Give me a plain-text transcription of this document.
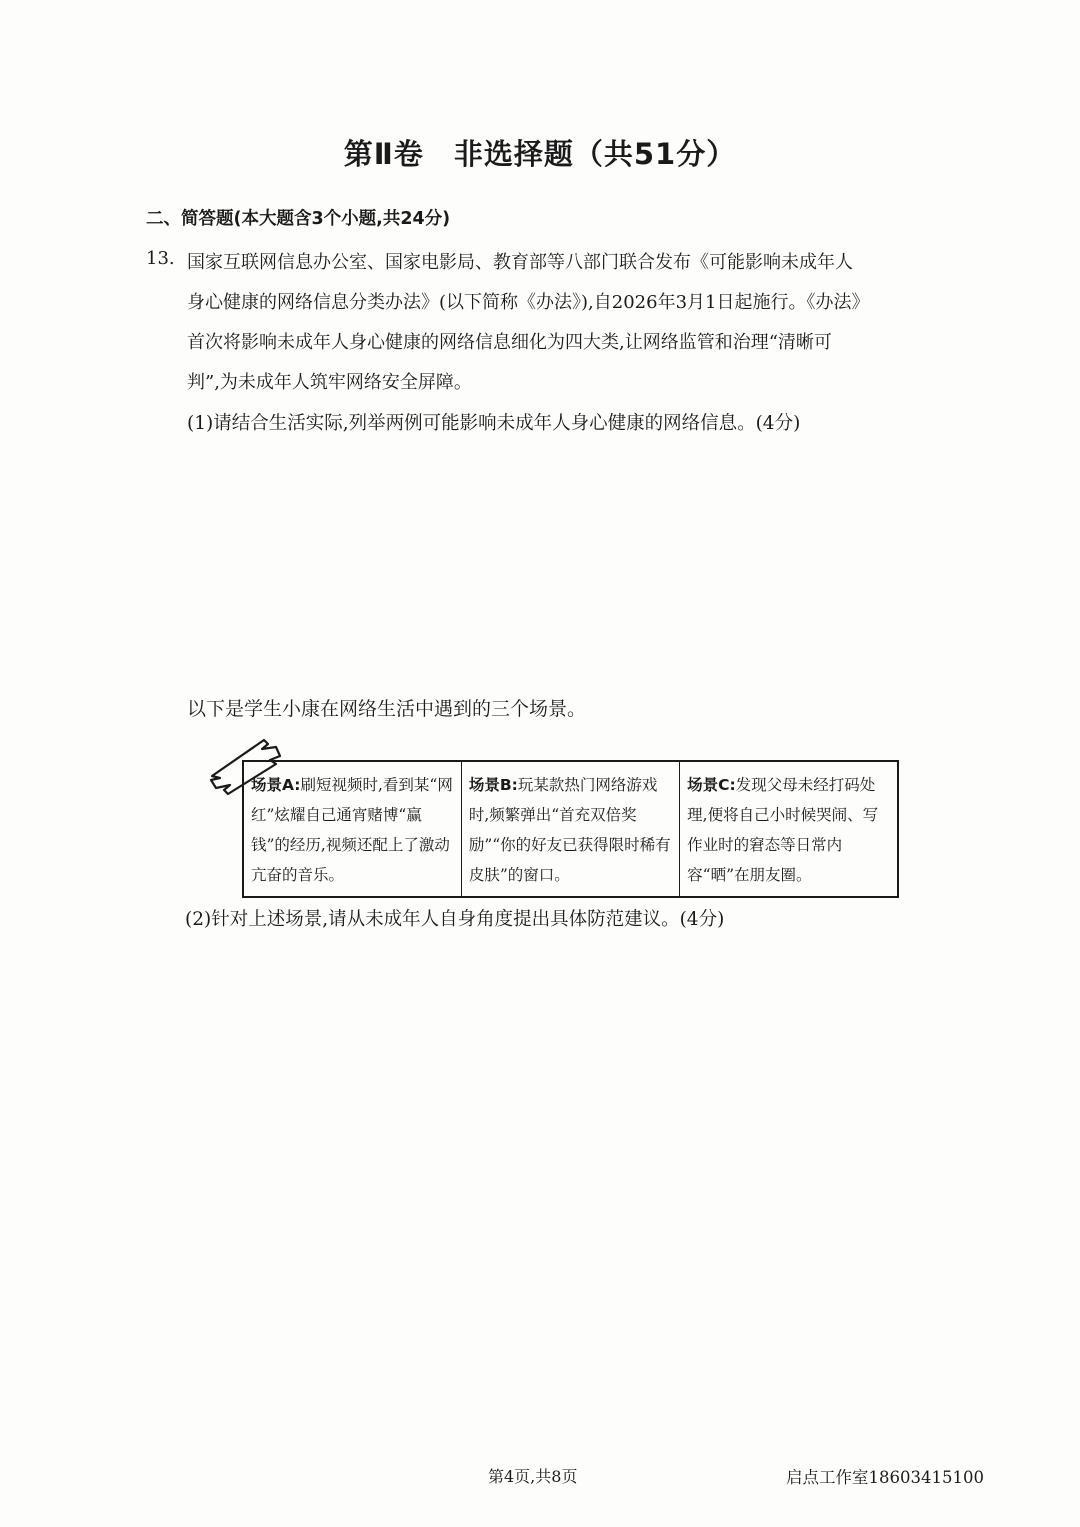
第Ⅱ卷　非选择题（共51分）
二、简答题(本大题含3个小题,共24分)
13. 国家互联网信息办公室、国家电影局、教育部等八部门联合发布《可能影响未成年人
身心健康的网络信息分类办法》(以下简称《办法》),自2026年3月1日起施行。《办法》
首次将影响未成年人身心健康的网络信息细化为四大类,让网络监管和治理“清晰可
判”,为未成年人筑牢网络安全屏障。
(1)请结合生活实际,列举两例可能影响未成年人身心健康的网络信息。(4分)
以下是学生小康在网络生活中遇到的三个场景。
场景A:刷短视频时,看到某“网红”炫耀自己通宵赌博“赢钱”的经历,视频还配上了激动亢奋的音乐。	场景B:玩某款热门网络游戏时,频繁弹出“首充双倍奖励”“你的好友已获得限时稀有皮肤”的窗口。	场景C:发现父母未经打码处理,便将自己小时候哭闹、写作业时的窘态等日常内容“晒”在朋友圈。
(2)针对上述场景,请从未成年人自身角度提出具体防范建议。(4分)
第4页,共8页	启点工作室18603415100
